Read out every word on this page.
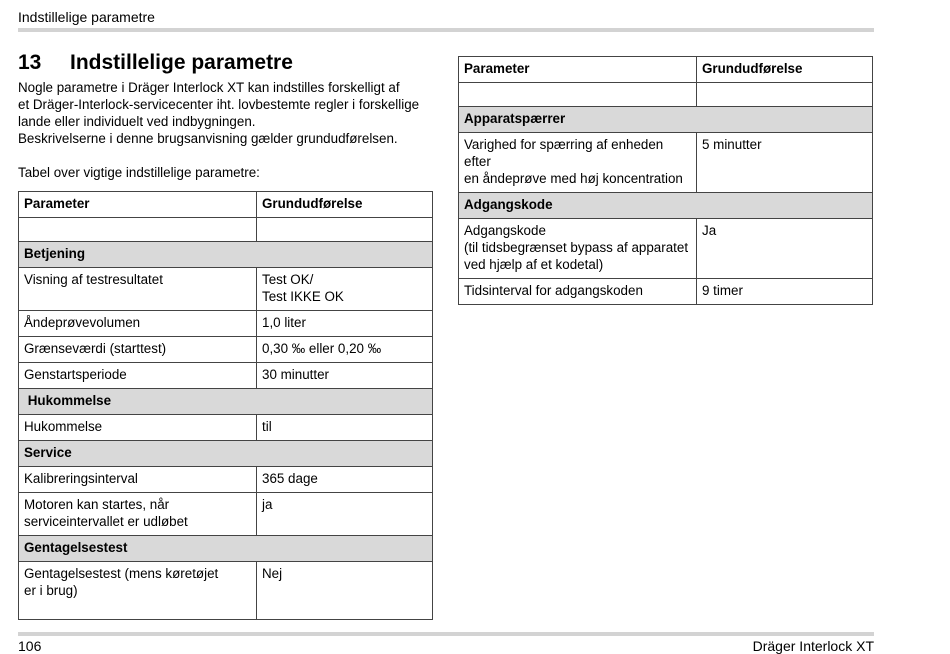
Indstillelige parametre
13 Indstillelige parametre

Nogle parametre i Dräger Interlock XT kan indstilles forskelligt af

et Dräger-Interlock-servicecenter iht. lovbestemte regler i forskellige

lande eller individuelt ved indbygningen.

Beskrivelserne i denne brugsanvisning gælder grundudførelsen.

Tabel over vigtige indstillelige parametre:
Parameter	Grundudførelse

Betjening	
Visning af testresultatet	Test OK/
Test IKKE OK

Åndeprøvevolumen	1,0 liter
Grænseværdi (starttest)	0,30 ‰ eller 0,20 ‰
Genstartsperiode	30 minutter
Hukommelse	
Hukommelse	til
Service	
Kalibreringsinterval	365 dage

Motoren kan startes, når
serviceintervallet er udløbet	ja
Gentagelsestest	

Gentagelsestest (mens køretøjet
er i brug)	Nej
Parameter	Grundudførelse

Apparatspærrer	

Varighed for spærring af enheden efter
en åndeprøve med høj koncentration	5 minutter
Adgangskode	

Adgangskode
(til tidsbegrænset bypass af apparatet
ved hjælp af et kodetal)	Ja
Tidsinterval for adgangskoden	9 timer
106	Dräger Interlock XT
